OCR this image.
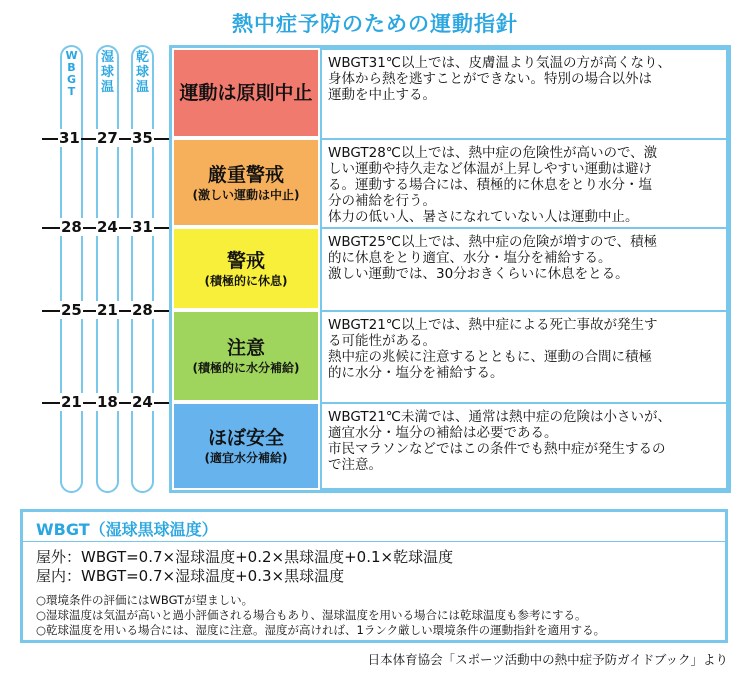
熱中症予防のための運動指針
WBGT
湿球温
乾球温
31 27 35
28 24 31
25 21 28
21 18 24
運動は原則中止
WBGT31℃以上では、皮膚温より気温の方が高くなり、
身体から熱を逃すことができない。特別の場合以外は
運動を中止する。
厳重警戒
(激しい運動は中止)
WBGT28℃以上では、熱中症の危険性が高いので、激
しい運動や持久走など体温が上昇しやすい運動は避け
る。運動する場合には、積極的に休息をとり水分・塩
分の補給を行う。
体力の低い人、暑さになれていない人は運動中止。
警戒
(積極的に休息)
WBGT25℃以上では、熱中症の危険が増すので、積極
的に休息をとり適宜、水分・塩分を補給する。
激しい運動では、30分おきくらいに休息をとる。
注意
(積極的に水分補給)
WBGT21℃以上では、熱中症による死亡事故が発生す
る可能性がある。
熱中症の兆候に注意するとともに、運動の合間に積極
的に水分・塩分を補給する。
ほぼ安全
(適宜水分補給)
WBGT21℃未満では、通常は熱中症の危険は小さいが、
適宜水分・塩分の補給は必要である。
市民マラソンなどではこの条件でも熱中症が発生するの
で注意。
WBGT（湿球黒球温度）
屋外：WBGT=0.7×湿球温度+0.2×黒球温度+0.1×乾球温度
屋内：WBGT=0.7×湿球温度+0.3×黒球温度
○環境条件の評価にはWBGTが望ましい。
○湿球温度は気温が高いと過小評価される場合もあり、湿球温度を用いる場合には乾球温度も参考にする。
○乾球温度を用いる場合には、湿度に注意。湿度が高ければ、1ランク厳しい環境条件の運動指針を適用する。
日本体育協会「スポーツ活動中の熱中症予防ガイドブック」より
